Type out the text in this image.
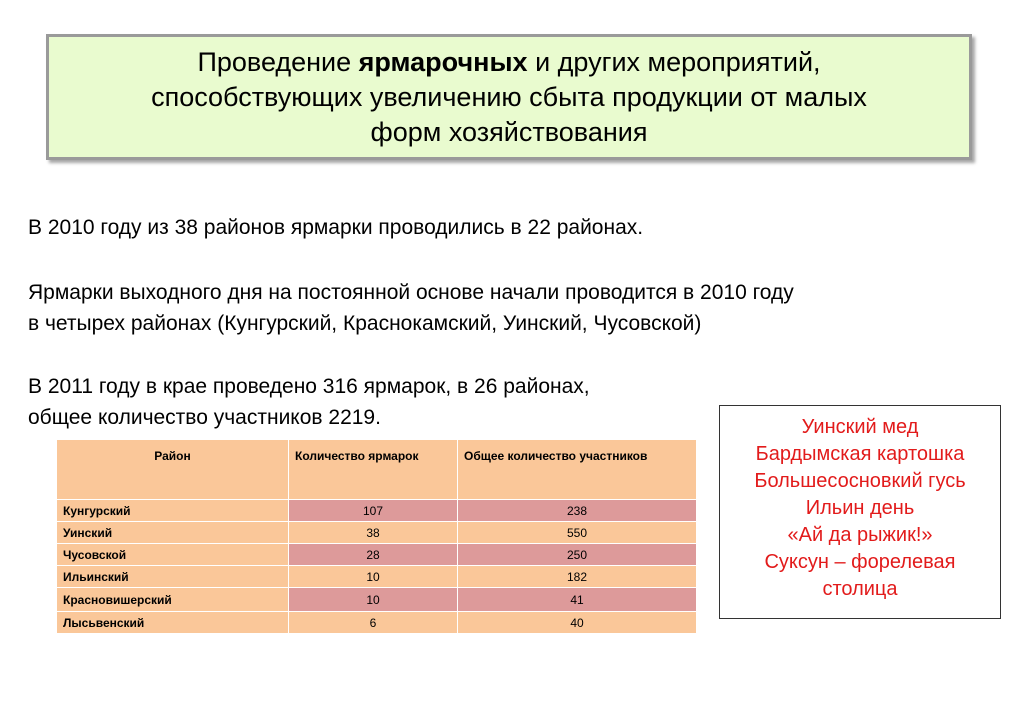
Проведение ярмарочных и других мероприятий,
способствующих увеличению сбыта продукции от малых
форм хозяйствования
В 2010 году из 38 районов ярмарки проводились в 22 районах.
Ярмарки выходного дня на постоянной основе начали проводится в 2010 году
в четырех районах (Кунгурский, Краснокамский, Уинский, Чусовской)
В 2011 году в крае проведено 316 ярмарок, в 26 районах,
общее количество участников 2219.
Район	Количество ярмарок	Общее количество участников
Кунгурский	107	238
Уинский	38	550
Чусовской	28	250
Ильинский	10	182
Красновишерский	10	41
Лысьвенский	6	40
Уинский мед
Бардымская картошка
Большесосновкий гусь
Ильин день
«Ай да рыжик!»
Суксун – форелевая
столица
